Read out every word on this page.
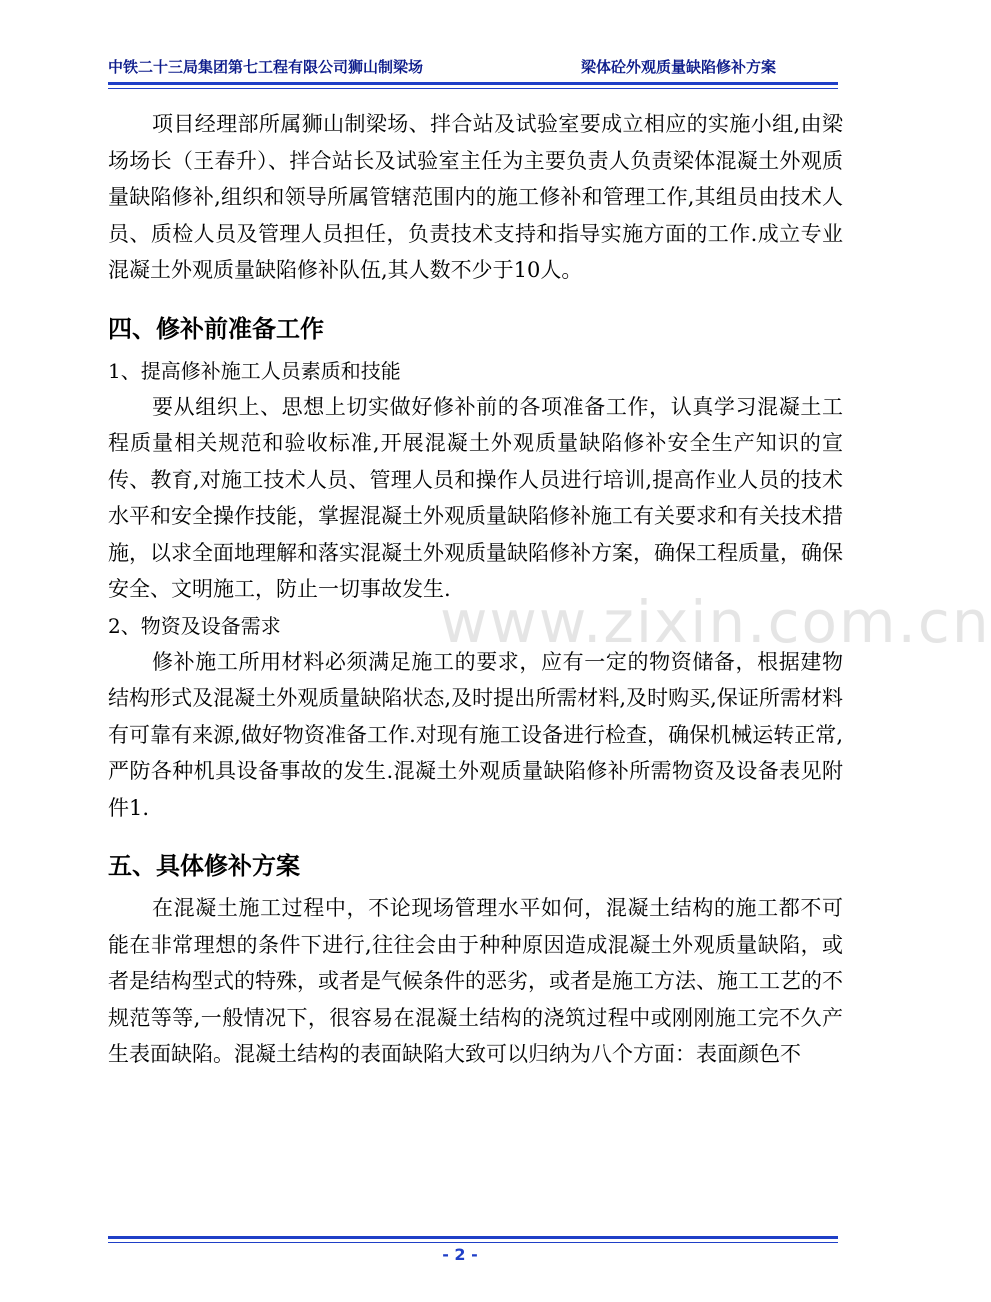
中铁二十三局集团第七工程有限公司狮山制梁场	梁体砼外观质量缺陷修补方案

项目经理部所属狮山制梁场、拌合站及试验室要成立相应的实施小组,由梁场场长（王春升）、拌合站长及试验室主任为主要负责人负责梁体混凝土外观质量缺陷修补,组织和领导所属管辖范围内的施工修补和管理工作,其组员由技术人员、质检人员及管理人员担任，负责技术支持和指导实施方面的工作.成立专业混凝土外观质量缺陷修补队伍,其人数不少于10人。

四、修补前准备工作

1、提高修补施工人员素质和技能

要从组织上、思想上切实做好修补前的各项准备工作，认真学习混凝土工程质量相关规范和验收标准,开展混凝土外观质量缺陷修补安全生产知识的宣传、教育,对施工技术人员、管理人员和操作人员进行培训,提高作业人员的技术水平和安全操作技能，掌握混凝土外观质量缺陷修补施工有关要求和有关技术措施，以求全面地理解和落实混凝土外观质量缺陷修补方案，确保工程质量，确保安全、文明施工，防止一切事故发生.

2、物资及设备需求

修补施工所用材料必须满足施工的要求，应有一定的物资储备，根据建物结构形式及混凝土外观质量缺陷状态,及时提出所需材料,及时购买,保证所需材料有可靠有来源,做好物资准备工作.对现有施工设备进行检查，确保机械运转正常,严防各种机具设备事故的发生.混凝土外观质量缺陷修补所需物资及设备表见附件1.

五、具体修补方案

在混凝土施工过程中，不论现场管理水平如何，混凝土结构的施工都不可能在非常理想的条件下进行,往往会由于种种原因造成混凝土外观质量缺陷，或者是结构型式的特殊，或者是气候条件的恶劣，或者是施工方法、施工工艺的不规范等等,一般情况下，很容易在混凝土结构的浇筑过程中或刚刚施工完不久产生表面缺陷。混凝土结构的表面缺陷大致可以归纳为八个方面：表面颜色不

www.zixin.com.cn
- 2 -
